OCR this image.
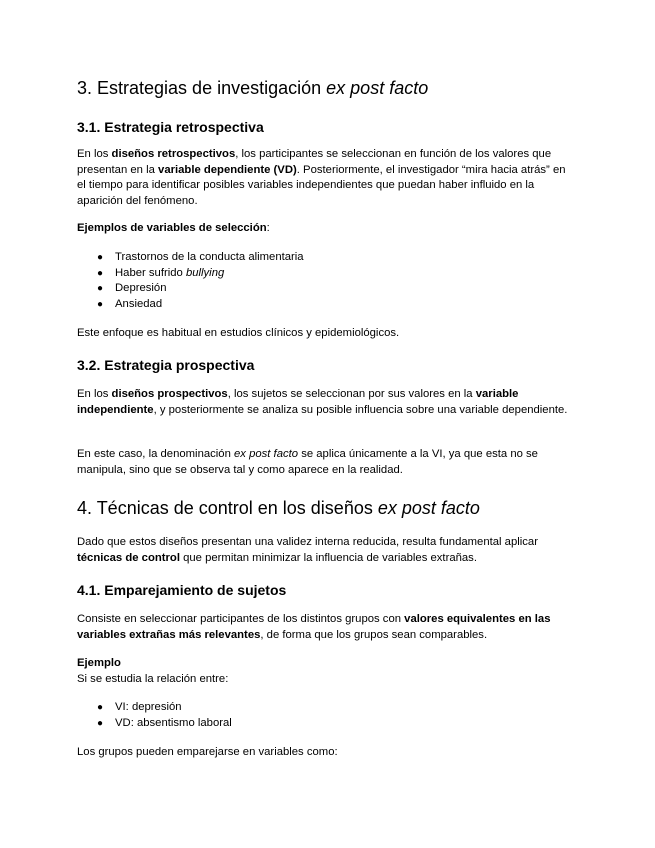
3. Estrategias de investigación ex post facto
3.1. Estrategia retrospectiva

En los diseños retrospectivos, los participantes se seleccionan en función de los valores que presentan en la variable dependiente (VD). Posteriormente, el investigador “mira hacia atrás” en el tiempo para identificar posibles variables independientes que puedan haber influido en la aparición del fenómeno.

Ejemplos de variables de selección:

● Trastornos de la conducta alimentaria
● Haber sufrido bullying
● Depresión
● Ansiedad

Este enfoque es habitual en estudios clínicos y epidemiológicos.

3.2. Estrategia prospectiva

En los diseños prospectivos, los sujetos se seleccionan por sus valores en la variable independiente, y posteriormente se analiza su posible influencia sobre una variable dependiente.

En este caso, la denominación ex post facto se aplica únicamente a la VI, ya que esta no se manipula, sino que se observa tal y como aparece en la realidad.

4. Técnicas de control en los diseños ex post facto

Dado que estos diseños presentan una validez interna reducida, resulta fundamental aplicar técnicas de control que permitan minimizar la influencia de variables extrañas.

4.1. Emparejamiento de sujetos

Consiste en seleccionar participantes de los distintos grupos con valores equivalentes en las variables extrañas más relevantes, de forma que los grupos sean comparables.

Ejemplo

Si se estudia la relación entre:

● VI: depresión
● VD: absentismo laboral

Los grupos pueden emparejarse en variables como:
